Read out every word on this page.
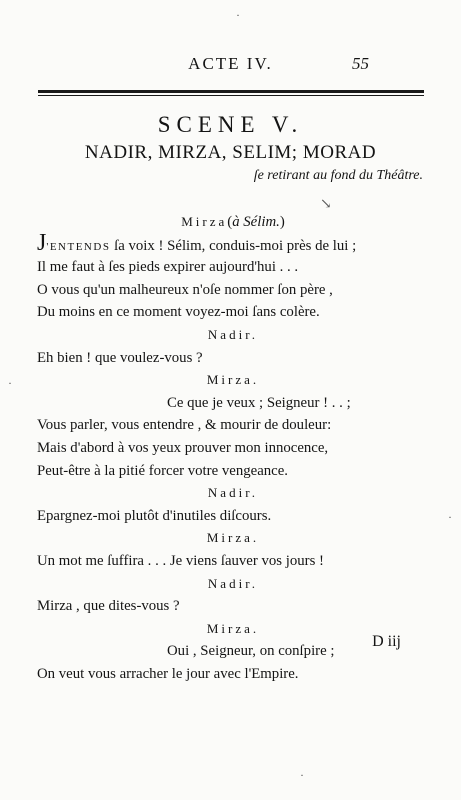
ACTE IV.	55
SCENE V.
NADIR, MIRZA, SELIM; MORAD
ſe retirant au fond du Théâtre.
Mirza(à Sélim.)
J'ENTENDS ſa voix ! Sélim, conduis-moi près de lui ;
Il me faut à ſes pieds expirer aujourd'hui . . .
O vous qu'un malheureux n'oſe nommer ſon père ,
Du moins en ce moment voyez-moi ſans colère.
Nadir.
Eh bien ! que voulez-vous ?
Mirza.
Ce que je veux ; Seigneur ! . . ;
Vous parler, vous entendre , & mourir de douleur:
Mais d'abord à vos yeux prouver mon innocence,
Peut-être à la pitié forcer votre vengeance.
Nadir.
Epargnez-moi plutôt d'inutiles diſcours.
Mirza.
Un mot me ſuffira . . . Je viens ſauver vos jours !
Nadir.
Mirza , que dites-vous ?
Mirza.
Oui , Seigneur, on conſpire ;
On veut vous arracher le jour avec l'Empire.
D iij
·
↘
·
·
·
